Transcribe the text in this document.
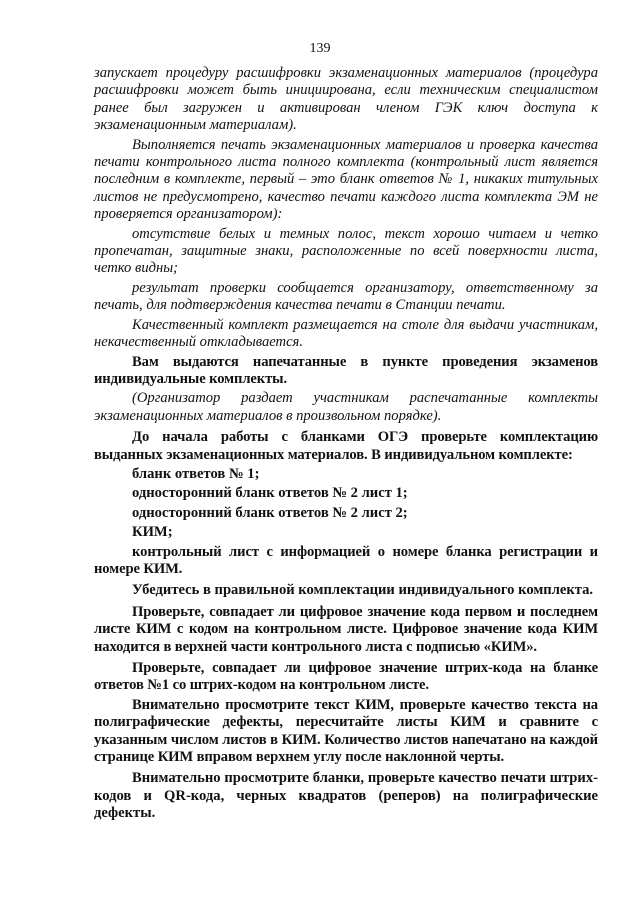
139

запускает процедуру расшифровки экзаменационных материалов (процедура расшифровки может быть инициирована, если техническим специалистом ранее был загружен и активирован членом ГЭК ключ доступа к экзаменационным материалам).

Выполняется печать экзаменационных материалов и проверка качества печати контрольного листа полного комплекта (контрольный лист является последним в комплекте, первый – это бланк ответов № 1, никаких титульных листов не предусмотрено, качество печати каждого листа комплекта ЭМ не проверяется организатором):

отсутствие белых и темных полос, текст хорошо читаем и четко пропечатан, защитные знаки, расположенные по всей поверхности листа, четко видны;

результат проверки сообщается организатору, ответственному за печать, для подтверждения качества печати в Станции печати.

Качественный комплект размещается на столе для выдачи участникам, некачественный откладывается.

Вам выдаются напечатанные в пункте проведения экзаменов индивидуальные комплекты.

(Организатор раздает участникам распечатанные комплекты экзаменационных материалов в произвольном порядке).

До начала работы с бланками ОГЭ проверьте комплектацию выданных экзаменационных материалов. В индивидуальном комплекте:

бланк ответов № 1;

односторонний бланк ответов № 2 лист 1;

односторонний бланк ответов № 2 лист 2;

КИМ;

контрольный лист с информацией о номере бланка регистрации и номере КИМ.

Убедитесь в правильной комплектации индивидуального комплекта.

Проверьте, совпадает ли цифровое значение кода первом и последнем листе КИМ с кодом на контрольном листе. Цифровое значение кода КИМ находится в верхней части контрольного листа с подписью «КИМ».

Проверьте, совпадает ли цифровое значение штрих-кода на бланке ответов №1 со штрих-кодом на контрольном листе.

Внимательно просмотрите текст КИМ, проверьте качество текста на полиграфические дефекты, пересчитайте листы КИМ и сравните с указанным числом листов в КИМ. Количество листов напечатано на каждой странице КИМ вправом верхнем углу после наклонной черты.

Внимательно просмотрите бланки, проверьте качество печати штрих-кодов и QR-кода, черных квадратов (реперов) на полиграфические дефекты.
